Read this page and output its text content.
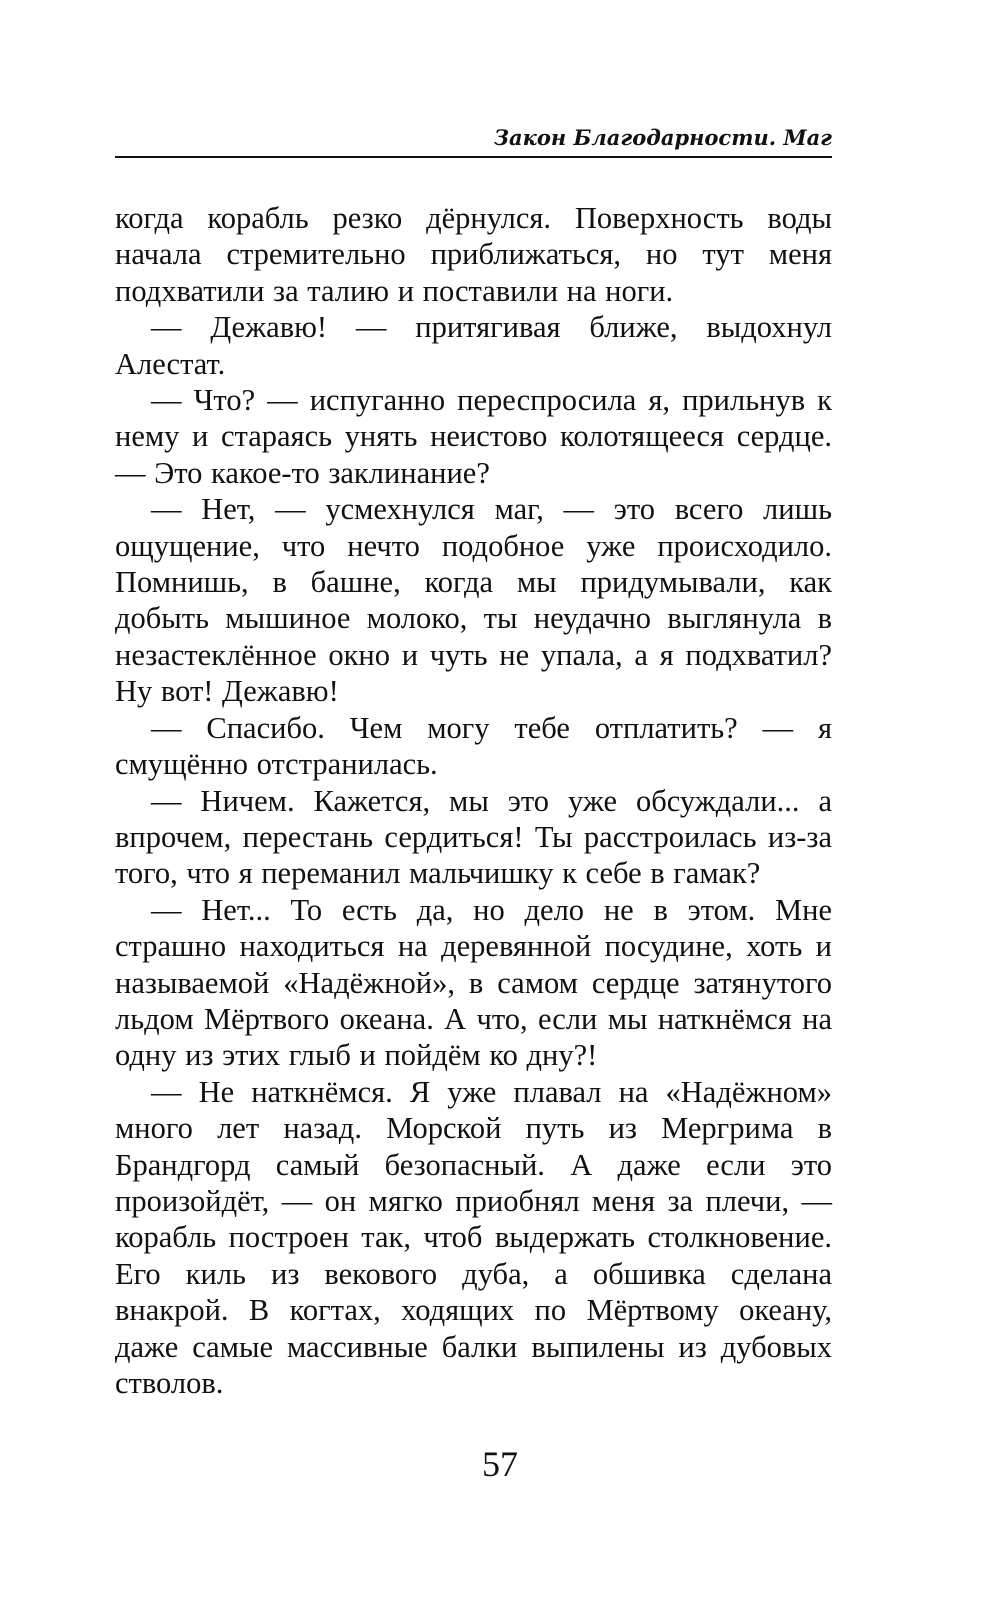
Закон Благодарности. Маг

когда корабль резко дёрнулся. Поверхность воды начала стремительно приближаться, но тут меня подхватили за талию и поставили на ноги.

— Дежавю! — притягивая ближе, выдохнул Алестат.

— Что? — испуганно переспросила я, прильнув к нему и стараясь унять неистово колотящееся сердце. — Это какое-то заклинание?

— Нет, — усмехнулся маг, — это всего лишь ощущение, что нечто подобное уже происходило. Помнишь, в башне, когда мы придумывали, как добыть мышиное молоко, ты неудачно выглянула в незастеклённое окно и чуть не упала, а я подхватил? Ну вот! Дежавю!

— Спасибо. Чем могу тебе отплатить? — я смущённо отстранилась.

— Ничем. Кажется, мы это уже обсуждали... а впрочем, перестань сердиться! Ты расстроилась из-за того, что я переманил мальчишку к себе в гамак?

— Нет... То есть да, но дело не в этом. Мне страшно находиться на деревянной посудине, хоть и называемой «Надёжной», в самом сердце затянутого льдом Мёртвого океана. А что, если мы наткнёмся на одну из этих глыб и пойдём ко дну?!

— Не наткнёмся. Я уже плавал на «Надёжном» много лет назад. Морской путь из Мергрима в Брандгорд самый безопасный. А даже если это произойдёт, — он мягко приобнял меня за плечи, — корабль построен так, чтоб выдержать столкновение. Его киль из векового дуба, а обшивка сделана внакрой. В когтах, ходящих по Мёртвому океану, даже самые массивные балки выпилены из дубовых стволов.

57
